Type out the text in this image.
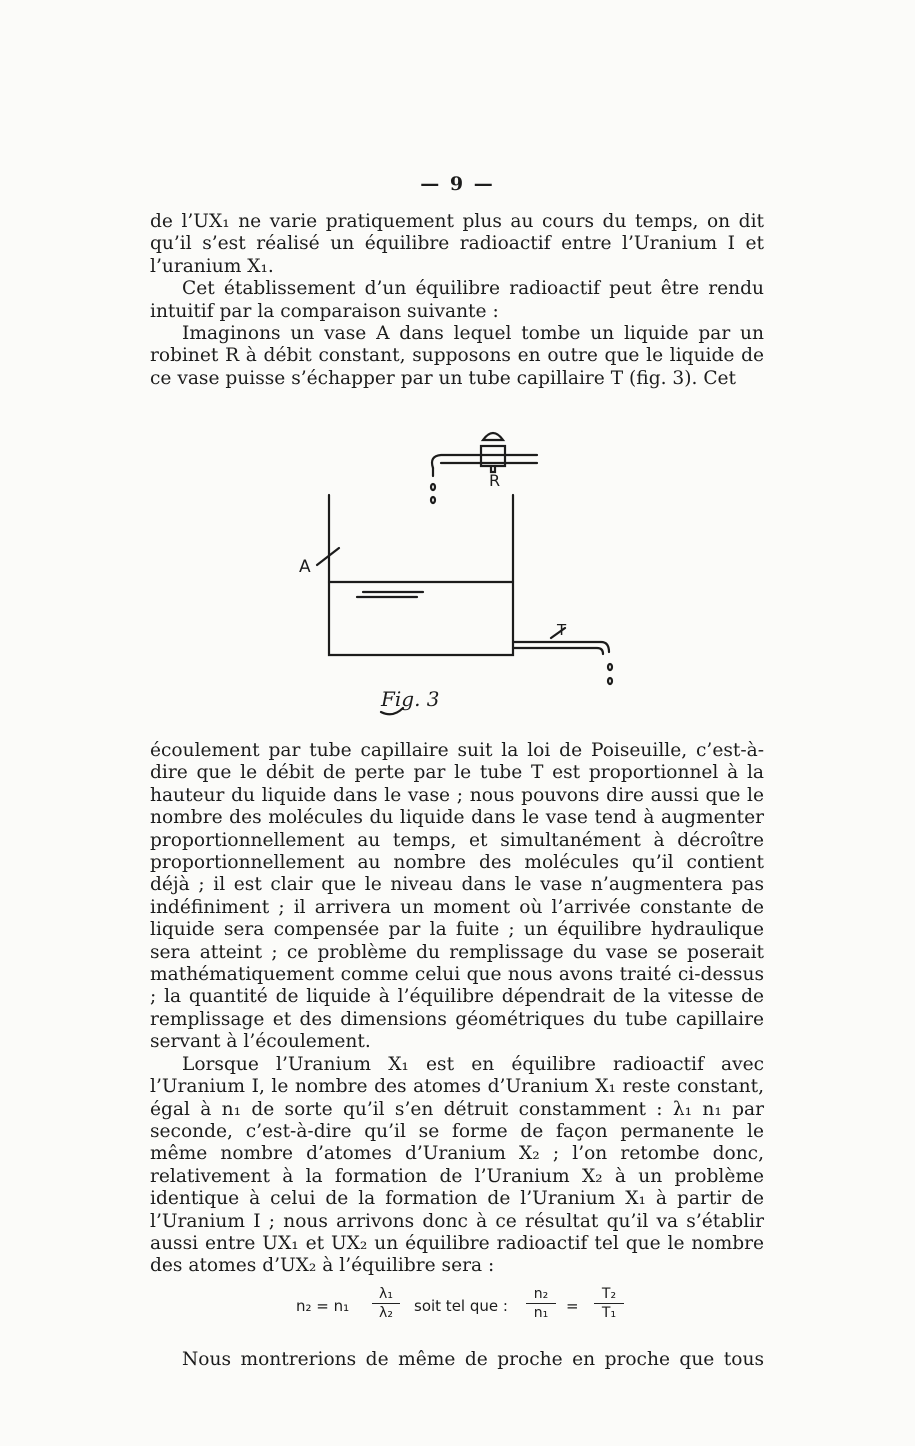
— 9 —

de l’UX₁ ne varie pratiquement plus au cours du temps, on dit qu’il s’est réalisé un équilibre radioactif entre l’Uranium I et l’uranium X₁.

Cet établissement d’un équilibre radioactif peut être rendu intuitif par la comparaison suivante :

Imaginons un vase A dans lequel tombe un liquide par un robinet R à débit constant, supposons en outre que le liquide de ce vase puisse s’échapper par un tube capillaire T (fig. 3). Cet

A
R
T
Fig. 3

écoulement par tube capillaire suit la loi de Poiseuille, c’est-à-dire que le débit de perte par le tube T est proportionnel à la hauteur du liquide dans le vase ; nous pouvons dire aussi que le nombre des molécules du liquide dans le vase tend à augmenter proportionnellement au temps, et simultanément à décroître proportionnellement au nombre des molécules qu’il contient déjà ; il est clair que le niveau dans le vase n’augmentera pas indéfiniment ; il arrivera un moment où l’arrivée constante de liquide sera compensée par la fuite ; un équilibre hydraulique sera atteint ; ce problème du remplissage du vase se poserait mathématiquement comme celui que nous avons traité ci-dessus ; la quantité de liquide à l’équilibre dépendrait de la vitesse de remplissage et des dimensions géométriques du tube capillaire servant à l’écoulement.

Lorsque l’Uranium X₁ est en équilibre radioactif avec l’Uranium I, le nombre des atomes d’Uranium X₁ reste constant, égal à n₁ de sorte qu’il s’en détruit constamment : λ₁ n₁ par seconde, c’est-à-dire qu’il se forme de façon permanente le même nombre d’atomes d’Uranium X₂ ; l’on retombe donc, relativement à la formation de l’Uranium X₂ à un problème identique à celui de la formation de l’Uranium X₁ à partir de l’Uranium I ; nous arrivons donc à ce résultat qu’il va s’établir aussi entre UX₁ et UX₂ un équilibre radioactif tel que le nombre des atomes d’UX₂ à l’équilibre sera :

n₂ = n₁
λ₁
λ₂	soit tel que :
n₂
n₁	=
T₂
T₁
Nous montrerions de même de proche en proche que tous
